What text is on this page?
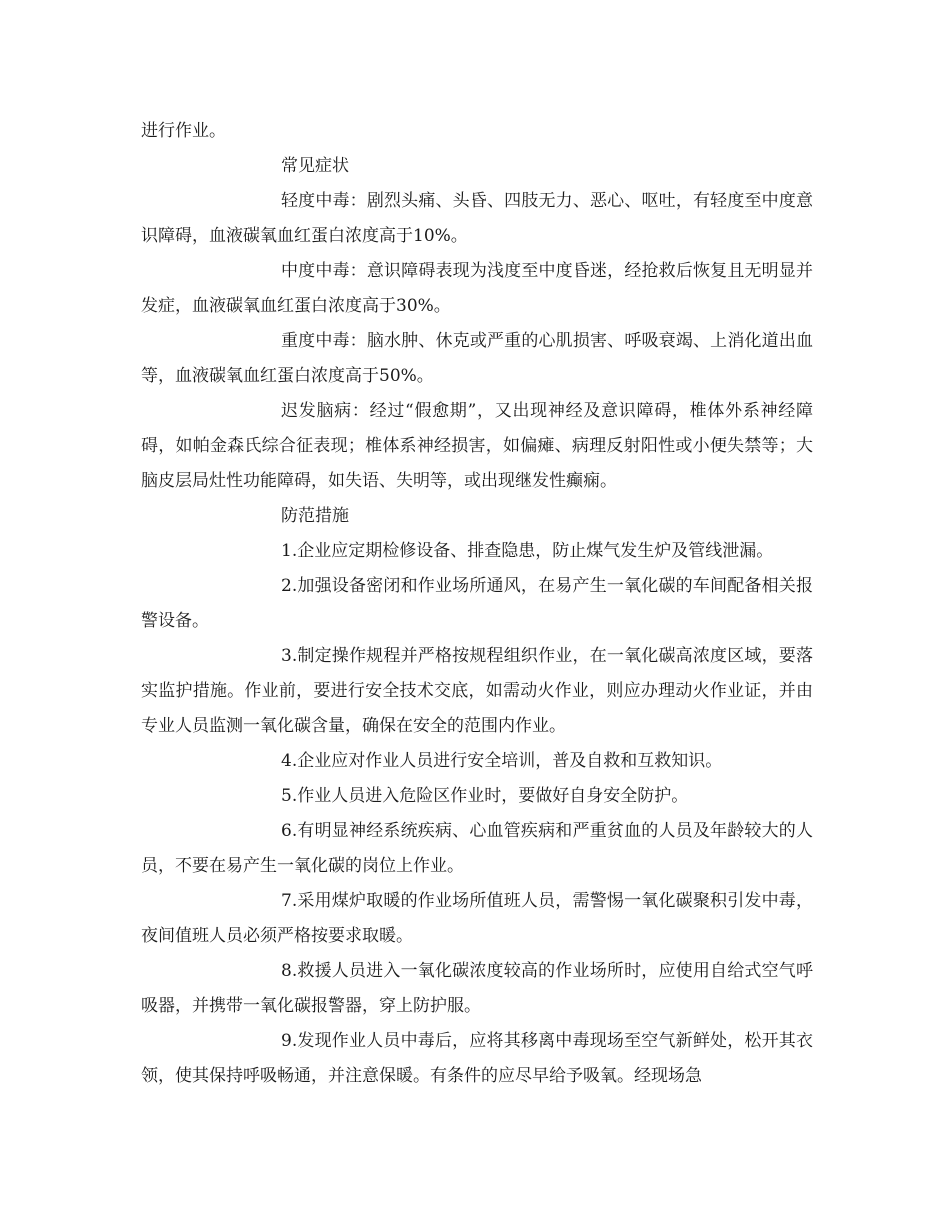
进行作业。

常见症状

轻度中毒：剧烈头痛、头昏、四肢无力、恶心、呕吐，有轻度至中度意识障碍，血液碳氧血红蛋白浓度高于10%。

中度中毒：意识障碍表现为浅度至中度昏迷，经抢救后恢复且无明显并发症，血液碳氧血红蛋白浓度高于30%。

重度中毒：脑水肿、休克或严重的心肌损害、呼吸衰竭、上消化道出血等，血液碳氧血红蛋白浓度高于50%。

迟发脑病：经过“假愈期”，又出现神经及意识障碍，椎体外系神经障碍，如帕金森氏综合征表现；椎体系神经损害，如偏瘫、病理反射阳性或小便失禁等；大脑皮层局灶性功能障碍，如失语、失明等，或出现继发性癫痫。

防范措施

1.企业应定期检修设备、排查隐患，防止煤气发生炉及管线泄漏。

2.加强设备密闭和作业场所通风，在易产生一氧化碳的车间配备相关报警设备。

3.制定操作规程并严格按规程组织作业，在一氧化碳高浓度区域，要落实监护措施。作业前，要进行安全技术交底，如需动火作业，则应办理动火作业证，并由专业人员监测一氧化碳含量，确保在安全的范围内作业。

4.企业应对作业人员进行安全培训，普及自救和互救知识。

5.作业人员进入危险区作业时，要做好自身安全防护。

6.有明显神经系统疾病、心血管疾病和严重贫血的人员及年龄较大的人员，不要在易产生一氧化碳的岗位上作业。

7.采用煤炉取暖的作业场所值班人员，需警惕一氧化碳聚积引发中毒，夜间值班人员必须严格按要求取暖。

8.救援人员进入一氧化碳浓度较高的作业场所时，应使用自给式空气呼吸器，并携带一氧化碳报警器，穿上防护服。

9.发现作业人员中毒后，应将其移离中毒现场至空气新鲜处，松开其衣领，使其保持呼吸畅通，并注意保暖。有条件的应尽早给予吸氧。经现场急
